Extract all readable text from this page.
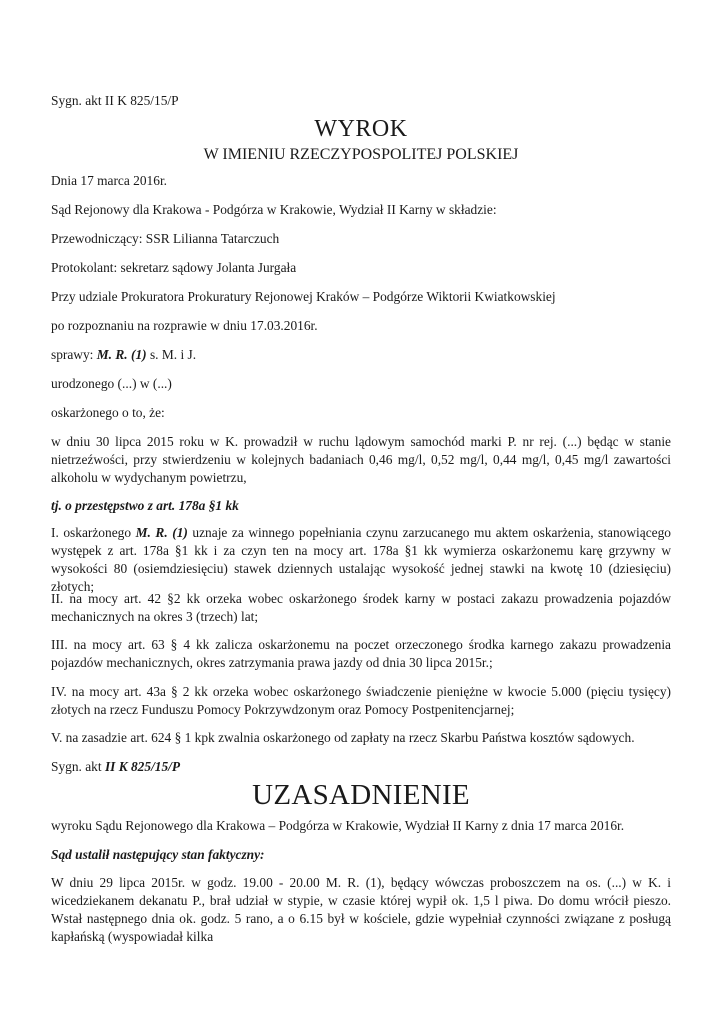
Sygn. akt II K 825/15/P

WYROK
W IMIENIU RZECZYPOSPOLITEJ POLSKIEJ

Dnia 17 marca 2016r.

Sąd Rejonowy dla Krakowa - Podgórza w Krakowie, Wydział II Karny w składzie:

Przewodniczący: SSR Lilianna Tatarczuch

Protokolant: sekretarz sądowy Jolanta Jurgała

Przy udziale Prokuratora Prokuratury Rejonowej Kraków – Podgórze Wiktorii Kwiatkowskiej

po rozpoznaniu na rozprawie w dniu 17.03.2016r.

sprawy: M. R. (1) s. M. i J.

urodzonego (...) w (...)

oskarżonego o to, że:

w dniu 30 lipca 2015 roku w K. prowadził w ruchu lądowym samochód marki P. nr rej. (...) będąc w stanie nietrzeźwości, przy stwierdzeniu w kolejnych badaniach 0,46 mg/l, 0,52 mg/l, 0,44 mg/l, 0,45 mg/l zawartości alkoholu w wydychanym powietrzu,

tj. o przestępstwo z art. 178a §1 kk

I. oskarżonego M. R. (1) uznaje za winnego popełniania czynu zarzucanego mu aktem oskarżenia, stanowiącego występek z art. 178a §1 kk i za czyn ten na mocy art. 178a §1 kk wymierza oskarżonemu karę grzywny w wysokości 80 (osiemdziesięciu) stawek dziennych ustalając wysokość jednej stawki na kwotę 10 (dziesięciu) złotych;

II. na mocy art. 42 §2 kk orzeka wobec oskarżonego środek karny w postaci zakazu prowadzenia pojazdów mechanicznych na okres 3 (trzech) lat;

III. na mocy art. 63 § 4 kk zalicza oskarżonemu na poczet orzeczonego środka karnego zakazu prowadzenia pojazdów mechanicznych, okres zatrzymania prawa jazdy od dnia 30 lipca 2015r.;

IV. na mocy art. 43a § 2 kk orzeka wobec oskarżonego świadczenie pieniężne w kwocie 5.000 (pięciu tysięcy) złotych na rzecz Funduszu Pomocy Pokrzywdzonym oraz Pomocy Postpenitencjarnej;

V. na zasadzie art. 624 § 1 kpk zwalnia oskarżonego od zapłaty na rzecz Skarbu Państwa kosztów sądowych.

Sygn. akt II K 825/15/P

UZASADNIENIE

wyroku Sądu Rejonowego dla Krakowa – Podgórza w Krakowie, Wydział II Karny z dnia 17 marca 2016r.

Sąd ustalił następujący stan faktyczny:

W dniu 29 lipca 2015r. w godz. 19.00 - 20.00 M. R. (1), będący wówczas proboszczem na os. (...) w K. i wicedziekanem dekanatu P., brał udział w stypie, w czasie której wypił ok. 1,5 l piwa. Do domu wrócił pieszo. Wstał następnego dnia ok. godz. 5 rano, a o 6.15 był w kościele, gdzie wypełniał czynności związane z posługą kapłańską (wyspowiadał kilka
